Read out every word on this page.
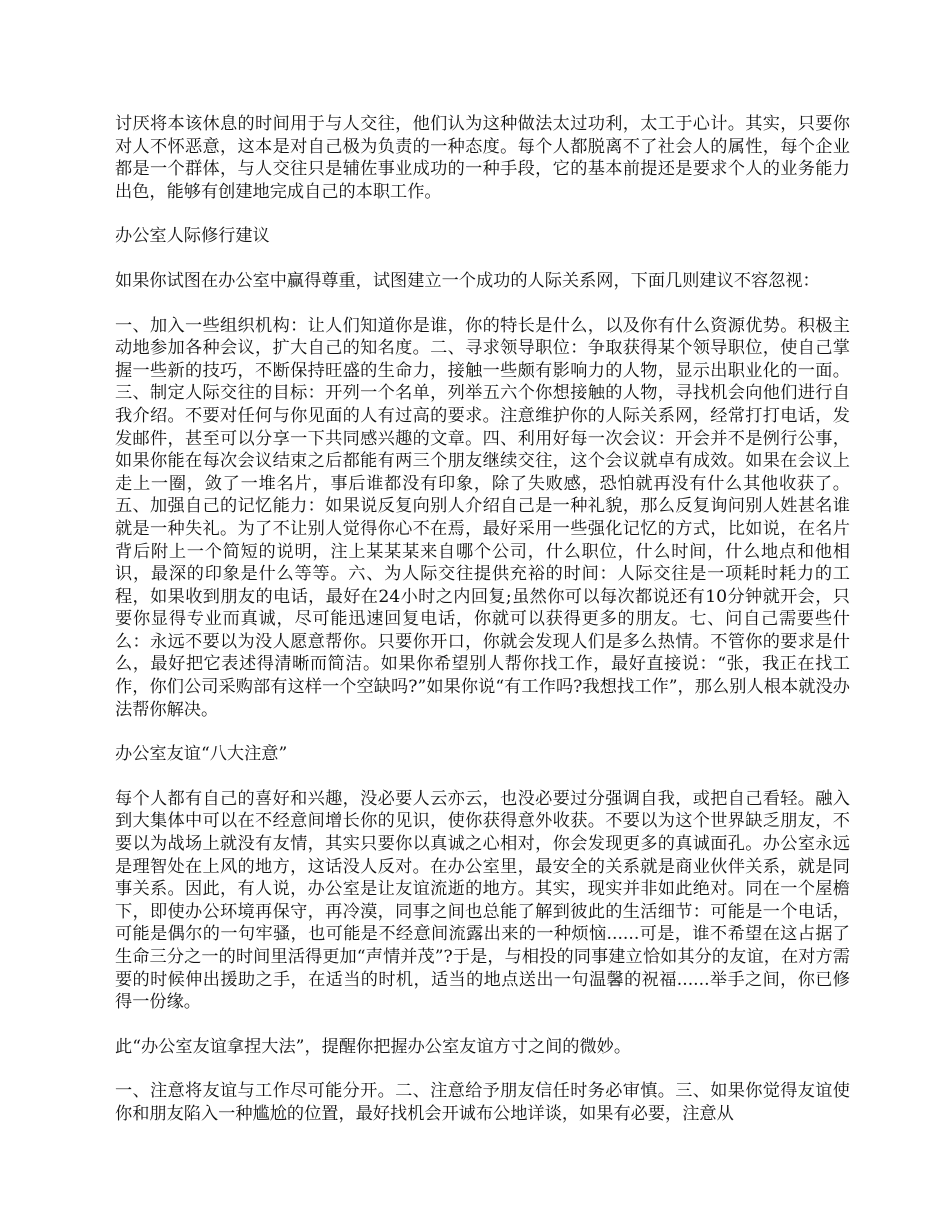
讨厌将本该休息的时间用于与人交往，他们认为这种做法太过功利，太工于心计。其实，只要你对人不怀恶意，这本是对自己极为负责的一种态度。每个人都脱离不了社会人的属性，每个企业都是一个群体，与人交往只是辅佐事业成功的一种手段，它的基本前提还是要求个人的业务能力出色，能够有创建地完成自己的本职工作。

办公室人际修行建议

如果你试图在办公室中赢得尊重，试图建立一个成功的人际关系网，下面几则建议不容忽视：

一、加入一些组织机构：让人们知道你是谁，你的特长是什么，以及你有什么资源优势。积极主动地参加各种会议，扩大自己的知名度。二、寻求领导职位：争取获得某个领导职位，使自己掌握一些新的技巧，不断保持旺盛的生命力，接触一些颇有影响力的人物，显示出职业化的一面。三、制定人际交往的目标：开列一个名单，列举五六个你想接触的人物，寻找机会向他们进行自我介绍。不要对任何与你见面的人有过高的要求。注意维护你的人际关系网，经常打打电话，发发邮件，甚至可以分享一下共同感兴趣的文章。四、利用好每一次会议：开会并不是例行公事，如果你能在每次会议结束之后都能有两三个朋友继续交往，这个会议就卓有成效。如果在会议上走上一圈，敛了一堆名片，事后谁都没有印象，除了失败感，恐怕就再没有什么其他收获了。五、加强自己的记忆能力：如果说反复向别人介绍自己是一种礼貌，那么反复询问别人姓甚名谁就是一种失礼。为了不让别人觉得你心不在焉，最好采用一些强化记忆的方式，比如说，在名片背后附上一个简短的说明，注上某某某来自哪个公司，什么职位，什么时间，什么地点和他相识，最深的印象是什么等等。六、为人际交往提供充裕的时间：人际交往是一项耗时耗力的工程，如果收到朋友的电话，最好在24小时之内回复;虽然你可以每次都说还有10分钟就开会，只要你显得专业而真诚，尽可能迅速回复电话，你就可以获得更多的朋友。七、问自己需要些什么：永远不要以为没人愿意帮你。只要你开口，你就会发现人们是多么热情。不管你的要求是什么，最好把它表述得清晰而简洁。如果你希望别人帮你找工作，最好直接说：“张，我正在找工作，你们公司采购部有这样一个空缺吗?”如果你说“有工作吗?我想找工作”，那么别人根本就没办法帮你解决。

办公室友谊“八大注意”

每个人都有自己的喜好和兴趣，没必要人云亦云，也没必要过分强调自我，或把自己看轻。融入到大集体中可以在不经意间增长你的见识，使你获得意外收获。不要以为这个世界缺乏朋友，不要以为战场上就没有友情，其实只要你以真诚之心相对，你会发现更多的真诚面孔。办公室永远是理智处在上风的地方，这话没人反对。在办公室里，最安全的关系就是商业伙伴关系，就是同事关系。因此，有人说，办公室是让友谊流逝的地方。其实，现实并非如此绝对。同在一个屋檐下，即使办公环境再保守，再冷漠，同事之间也总能了解到彼此的生活细节：可能是一个电话，可能是偶尔的一句牢骚，也可能是不经意间流露出来的一种烦恼......可是，谁不希望在这占据了生命三分之一的时间里活得更加“声情并茂”?于是，与相投的同事建立恰如其分的友谊，在对方需要的时候伸出援助之手，在适当的时机，适当的地点送出一句温馨的祝福......举手之间，你已修得一份缘。

此“办公室友谊拿捏大法”，提醒你把握办公室友谊方寸之间的微妙。

一、注意将友谊与工作尽可能分开。二、注意给予朋友信任时务必审慎。三、如果你觉得友谊使你和朋友陷入一种尴尬的位置，最好找机会开诚布公地详谈，如果有必要，注意从
